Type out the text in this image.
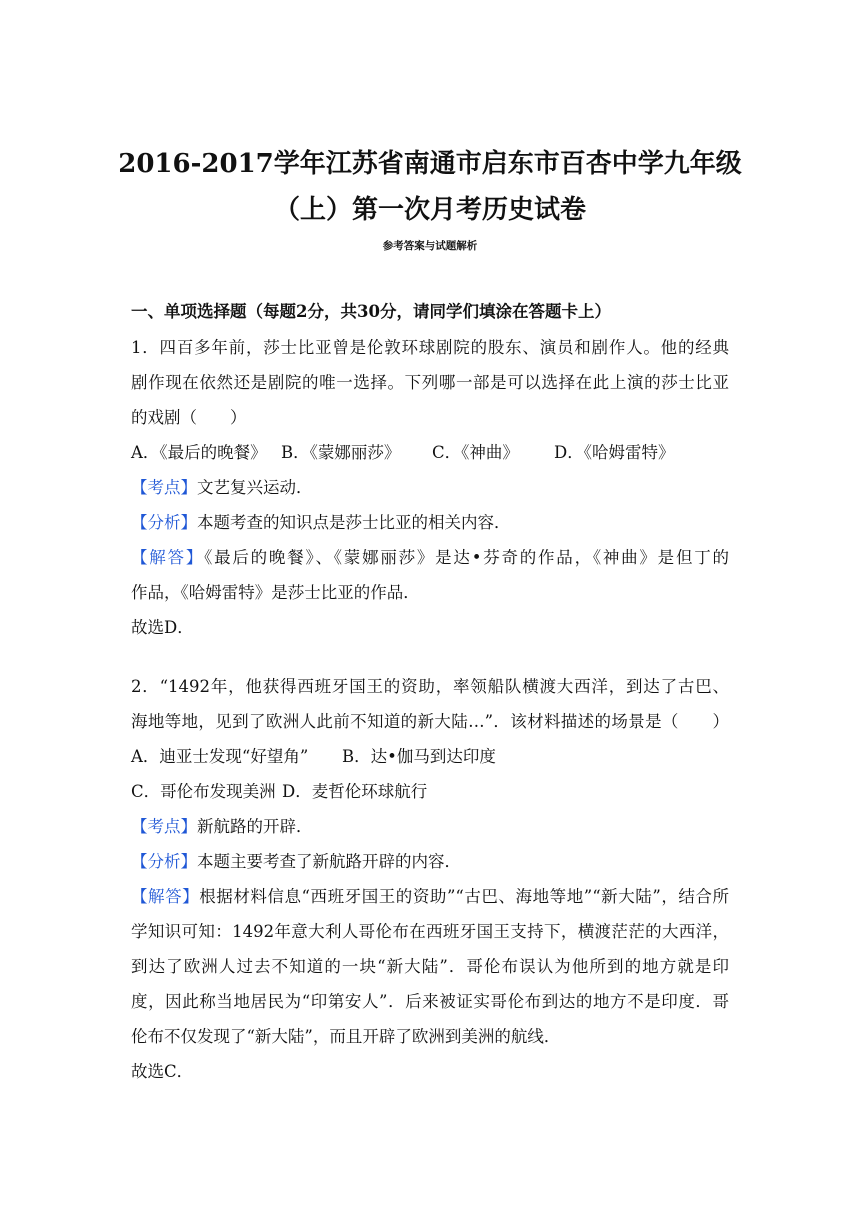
2016-2017学年江苏省南通市启东市百杏中学九年级
（上）第一次月考历史试卷
参考答案与试题解析
一、单项选择题（每题2分，共30分，请同学们填涂在答题卡上）
1．四百多年前，莎士比亚曾是伦敦环球剧院的股东、演员和剧作人。他的经典
剧作现在依然还是剧院的唯一选择。下列哪一部是可以选择在此上演的莎士比亚
的戏剧（　　）
A．《最后的晚餐》 B．《蒙娜丽莎》 C．《神曲》 D．《哈姆雷特》
【考点】文艺复兴运动．
【分析】本题考查的知识点是莎士比亚的相关内容．
【解答】《最后的晚餐》、《蒙娜丽莎》是达•芬奇的作品，《神曲》是但丁的
作品，《哈姆雷特》是莎士比亚的作品．
故选D．
2．“1492年，他获得西班牙国王的资助，率领船队横渡大西洋，到达了古巴、
海地等地，见到了欧洲人此前不知道的新大陆…”．该材料描述的场景是（　　）
A．迪亚士发现“好望角” B．达•伽马到达印度
C．哥伦布发现美洲 D．麦哲伦环球航行
【考点】新航路的开辟．
【分析】本题主要考查了新航路开辟的内容．
【解答】根据材料信息“西班牙国王的资助”“古巴、海地等地”“新大陆”，结合所
学知识可知：1492年意大利人哥伦布在西班牙国王支持下，横渡茫茫的大西洋，
到达了欧洲人过去不知道的一块“新大陆”．哥伦布误认为他所到的地方就是印
度，因此称当地居民为“印第安人”．后来被证实哥伦布到达的地方不是印度．哥
伦布不仅发现了“新大陆”，而且开辟了欧洲到美洲的航线．
故选C．
